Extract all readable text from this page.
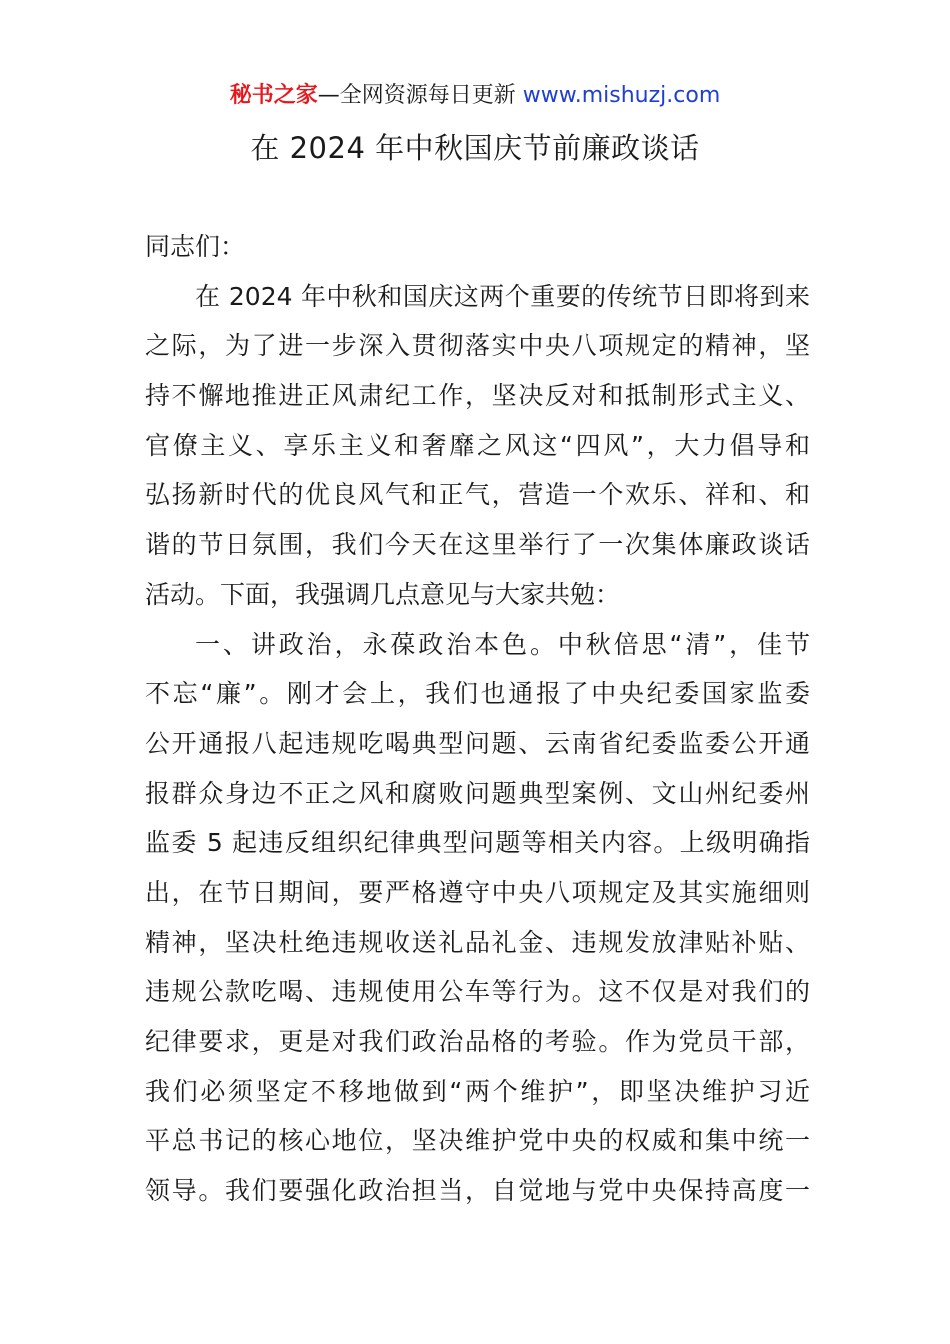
秘书之家—全网资源每日更新 www.mishuzj.com
在 2024 年中秋国庆节前廉政谈话
同志们：
在 2024 年中秋和国庆这两个重要的传统节日即将到来
之际，为了进一步深入贯彻落实中央八项规定的精神，坚
持不懈地推进正风肃纪工作，坚决反对和抵制形式主义、
官僚主义、享乐主义和奢靡之风这“四风”，大力倡导和
弘扬新时代的优良风气和正气，营造一个欢乐、祥和、和
谐的节日氛围，我们今天在这里举行了一次集体廉政谈话
活动。下面，我强调几点意见与大家共勉：
一、讲政治，永葆政治本色。中秋倍思“清”，佳节
不忘“廉”。刚才会上，我们也通报了中央纪委国家监委
公开通报八起违规吃喝典型问题、云南省纪委监委公开通
报群众身边不正之风和腐败问题典型案例、文山州纪委州
监委 5 起违反组织纪律典型问题等相关内容。上级明确指
出，在节日期间，要严格遵守中央八项规定及其实施细则
精神，坚决杜绝违规收送礼品礼金、违规发放津贴补贴、
违规公款吃喝、违规使用公车等行为。这不仅是对我们的
纪律要求，更是对我们政治品格的考验。作为党员干部，
我们必须坚定不移地做到“两个维护”，即坚决维护习近
平总书记的核心地位，坚决维护党中央的权威和集中统一
领导。我们要强化政治担当，自觉地与党中央保持高度一
